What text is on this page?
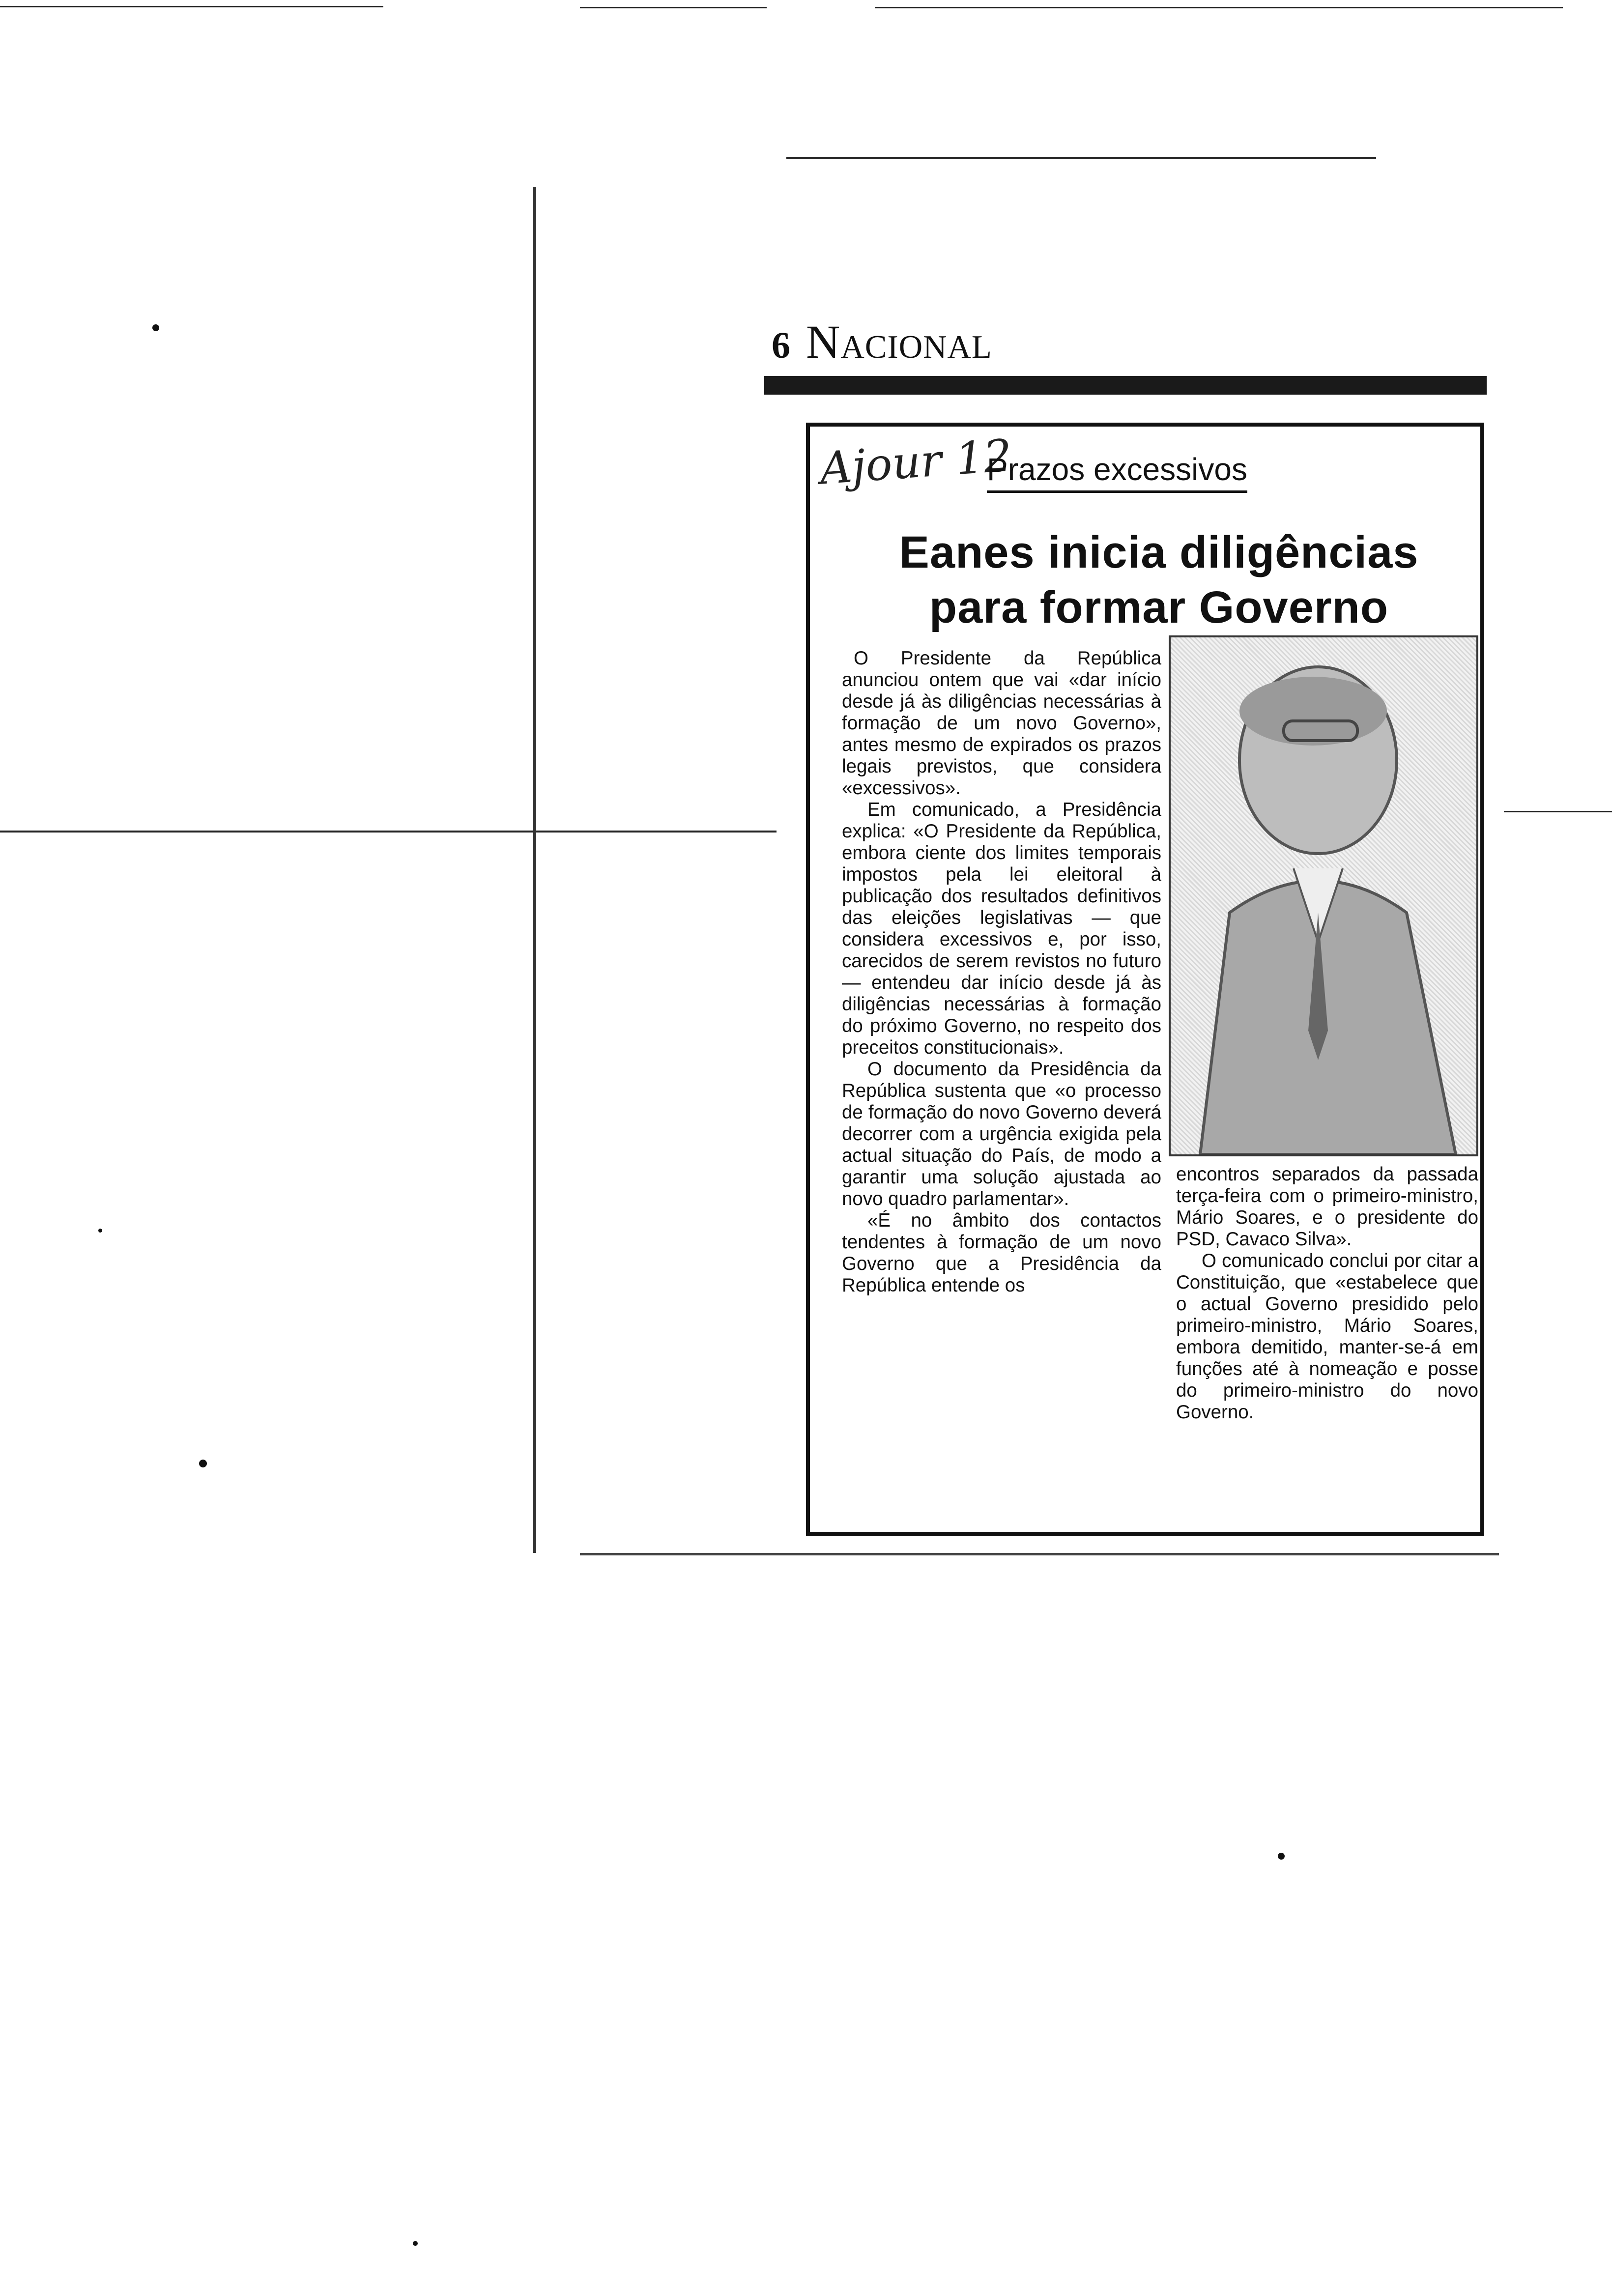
6 Nacional
Ajour 12
Prazos excessivos
Eanes inicia diligências
para formar Governo

O Presidente da República anunciou ontem que vai «dar início desde já às diligências necessárias à formação de um novo Governo», antes mesmo de expirados os prazos legais previstos, que considera «excessivos».

Em comunicado, a Presidência explica: «O Presidente da República, embora ciente dos limites temporais impostos pela lei eleitoral à publicação dos resultados definitivos das eleições legislativas — que considera excessivos e, por isso, carecidos de serem revistos no futuro — entendeu dar início desde já às diligências necessárias à formação do próximo Governo, no respeito dos preceitos constitucionais».

O documento da Presidência da República sustenta que «o processo de formação do novo Governo deverá decorrer com a urgência exigida pela actual situação do País, de modo a garantir uma solução ajustada ao novo quadro parlamentar».

«É no âmbito dos contactos tendentes à formação de um novo Governo que a Presidência da República entende os

encontros separados da passada terça-feira com o primeiro-ministro, Mário Soares, e o presidente do PSD, Cavaco Silva».

O comunicado conclui por citar a Constituição, que «estabelece que o actual Governo presidido pelo primeiro-ministro, Mário Soares, embora demitido, manter-se-á em funções até à nomeação e posse do primeiro-ministro do novo Governo.
